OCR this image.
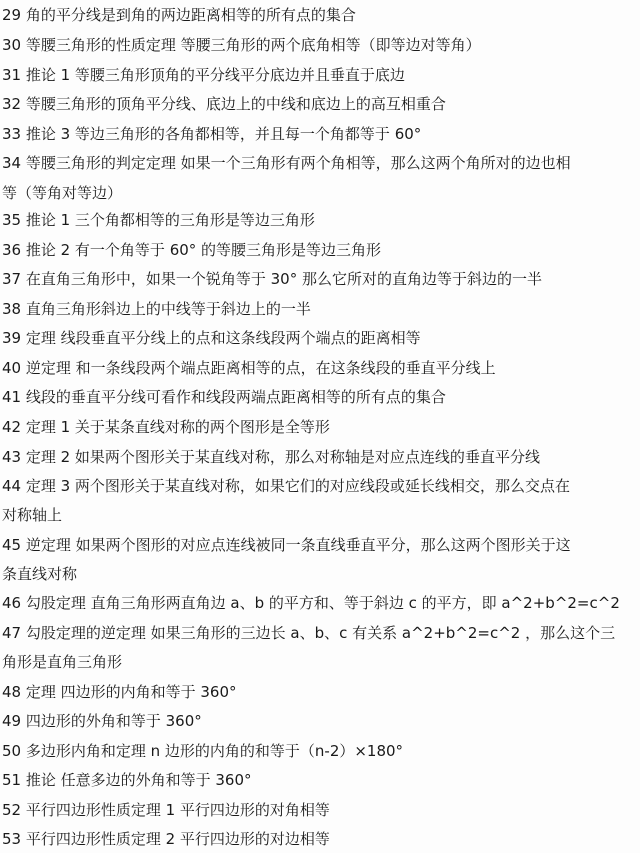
29 角的平分线是到角的两边距离相等的所有点的集合
30 等腰三角形的性质定理 等腰三角形的两个底角相等（即等边对等角）
31 推论 1 等腰三角形顶角的平分线平分底边并且垂直于底边
32 等腰三角形的顶角平分线、底边上的中线和底边上的高互相重合
33 推论 3 等边三角形的各角都相等，并且每一个角都等于 60°
34 等腰三角形的判定定理 如果一个三角形有两个角相等，那么这两个角所对的边也相
等（等角对等边）
35 推论 1 三个角都相等的三角形是等边三角形
36 推论 2 有一个角等于 60° 的等腰三角形是等边三角形
37 在直角三角形中，如果一个锐角等于 30° 那么它所对的直角边等于斜边的一半
38 直角三角形斜边上的中线等于斜边上的一半
39 定理 线段垂直平分线上的点和这条线段两个端点的距离相等
40 逆定理 和一条线段两个端点距离相等的点，在这条线段的垂直平分线上
41 线段的垂直平分线可看作和线段两端点距离相等的所有点的集合
42 定理 1 关于某条直线对称的两个图形是全等形
43 定理 2 如果两个图形关于某直线对称，那么对称轴是对应点连线的垂直平分线
44 定理 3 两个图形关于某直线对称，如果它们的对应线段或延长线相交，那么交点在
对称轴上
45 逆定理 如果两个图形的对应点连线被同一条直线垂直平分，那么这两个图形关于这
条直线对称
46 勾股定理 直角三角形两直角边 a、b 的平方和、等于斜边 c 的平方，即 a^2+b^2=c^2
47 勾股定理的逆定理 如果三角形的三边长 a、b、c 有关系 a^2+b^2=c^2 ，那么这个三
角形是直角三角形
48 定理 四边形的内角和等于 360°
49 四边形的外角和等于 360°
50 多边形内角和定理 n 边形的内角的和等于（n-2）×180°
51 推论 任意多边的外角和等于 360°
52 平行四边形性质定理 1 平行四边形的对角相等
53 平行四边形性质定理 2 平行四边形的对边相等
